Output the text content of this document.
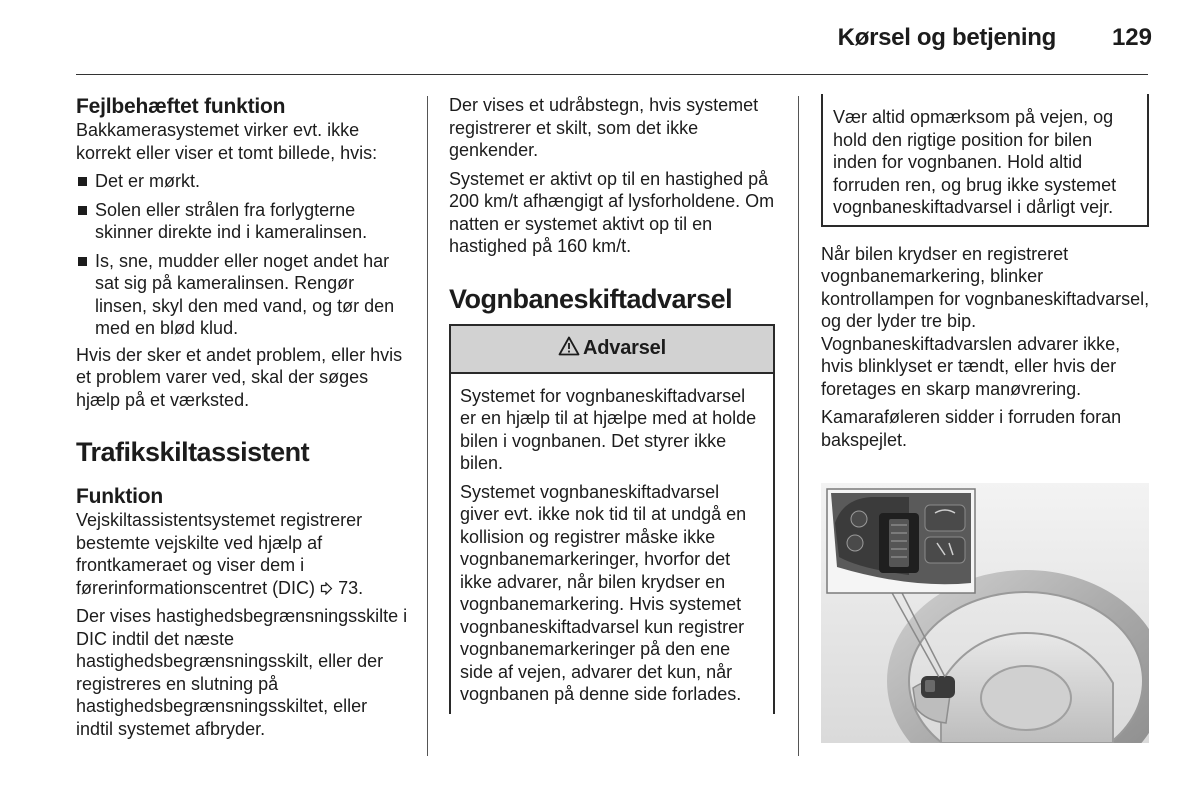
Kørsel og betjening	129
Fejlbehæftet funktion

Bakkamerasystemet virker evt. ikke korrekt eller viser et tomt billede, hvis:

Det er mørkt.
Solen eller strålen fra forlygterne skinner direkte ind i kameralinsen.
Is, sne, mudder eller noget andet har sat sig på kameralinsen. Rengør linsen, skyl den med vand, og tør den med en blød klud.

Hvis der sker et andet problem, eller hvis et problem varer ved, skal der søges hjælp på et værksted.

Trafikskiltassistent
Funktion

Vejskiltassistentsystemet registrerer bestemte vejskilte ved hjælp af frontkameraet og viser dem i førerinformationscentret (DIC) 73.

Der vises hastighedsbegrænsningsskilte i DIC indtil det næste hastighedsbegrænsningsskilt, eller der registreres en slutning på hastighedsbegrænsningsskiltet, eller indtil systemet afbryder.

Der vises et udråbstegn, hvis systemet registrerer et skilt, som det ikke genkender.

Systemet er aktivt op til en hastighed på 200 km/t afhængigt af lysforholdene. Om natten er systemet aktivt op til en hastighed på 160 km/t.

Vognbaneskiftadvarsel
Advarsel

Systemet for vognbaneskiftadvarsel er en hjælp til at hjælpe med at holde bilen i vognbanen. Det styrer ikke bilen.

Systemet vognbaneskiftadvarsel giver evt. ikke nok tid til at undgå en kollision og registrer måske ikke vognbanemarkeringer, hvorfor det ikke advarer, når bilen krydser en vognbanemarkering. Hvis systemet vognbaneskiftadvarsel kun registrer vognbanemarkeringer på den ene side af vejen, advarer det kun, når vognbanen på denne side forlades.

Vær altid opmærksom på vejen, og hold den rigtige position for bilen inden for vognbanen. Hold altid forruden ren, og brug ikke systemet vognbaneskiftadvarsel i dårligt vejr.

Når bilen krydser en registreret vognbanemarkering, blinker kontrollampen for vognbaneskiftadvarsel, og der lyder tre bip. Vognbaneskiftadvarslen advarer ikke, hvis blinklyset er tændt, eller hvis der foretages en skarp manøvrering.

Kamaraføleren sidder i forruden foran bakspejlet.
